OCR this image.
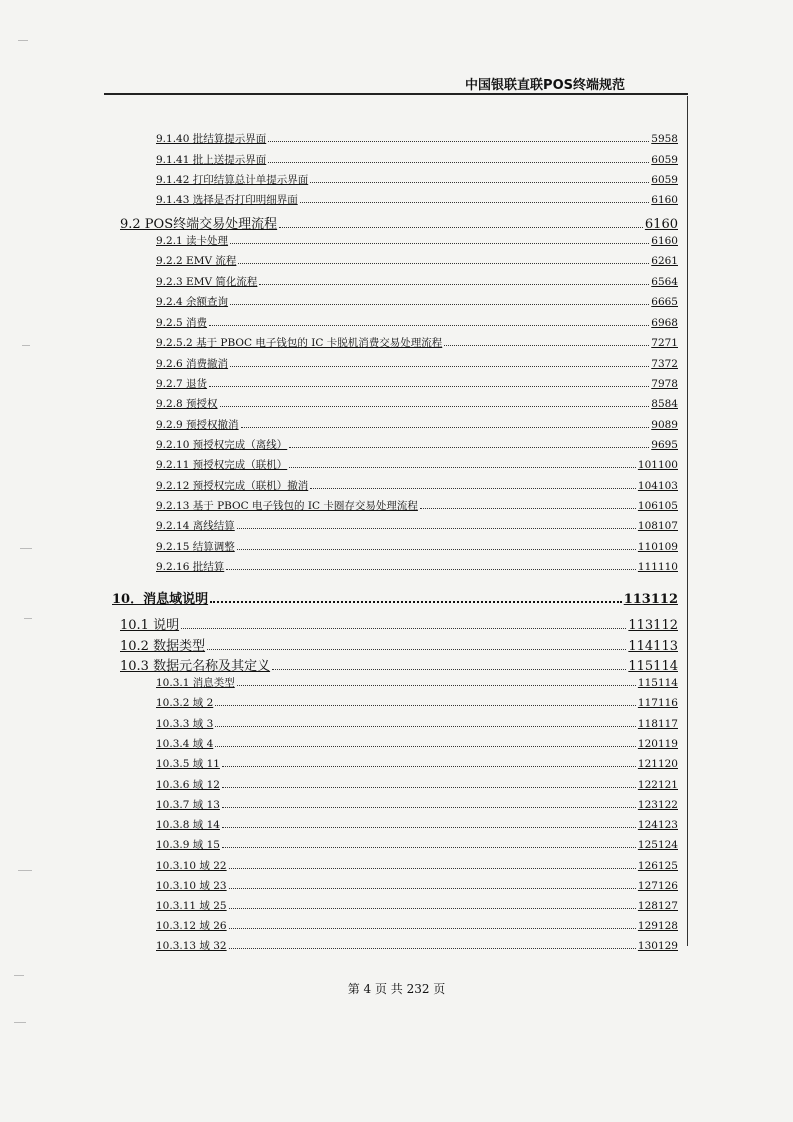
中国银联直联POS终端规范
9.1.40 批结算提示界面	5958
9.1.41 批上送提示界面	6059
9.1.42 打印结算总计单提示界面	6059
9.1.43 选择是否打印明细界面	6160
9.2 POS终端交易处理流程	6160
9.2.1 读卡处理	6160
9.2.2 EMV 流程	6261
9.2.3 EMV 简化流程	6564
9.2.4 余额查询	6665
9.2.5 消费	6968
9.2.5.2 基于 PBOC 电子钱包的 IC 卡脱机消费交易处理流程	7271
9.2.6 消费撤消	7372
9.2.7 退货	7978
9.2.8 预授权	8584
9.2.9 预授权撤消	9089
9.2.10 预授权完成（离线）	9695
9.2.11 预授权完成（联机）	101100
9.2.12 预授权完成（联机）撤消	104103
9.2.13 基于 PBOC 电子钱包的 IC 卡圈存交易处理流程	106105
9.2.14 离线结算	108107
9.2.15 结算调整	110109
9.2.16 批结算	111110
10．消息域说明	113112
10.1 说明	113112
10.2 数据类型	114113
10.3 数据元名称及其定义	115114
10.3.1 消息类型	115114
10.3.2 域 2	117116
10.3.3 域 3	118117
10.3.4 域 4	120119
10.3.5 域 11	121120
10.3.6 域 12	122121
10.3.7 域 13	123122
10.3.8 域 14	124123
10.3.9 域 15	125124
10.3.10 域 22	126125
10.3.10 域 23	127126
10.3.11 域 25	128127
10.3.12 域 26	129128
10.3.13 域 32	130129
第 4 页 共 232 页
